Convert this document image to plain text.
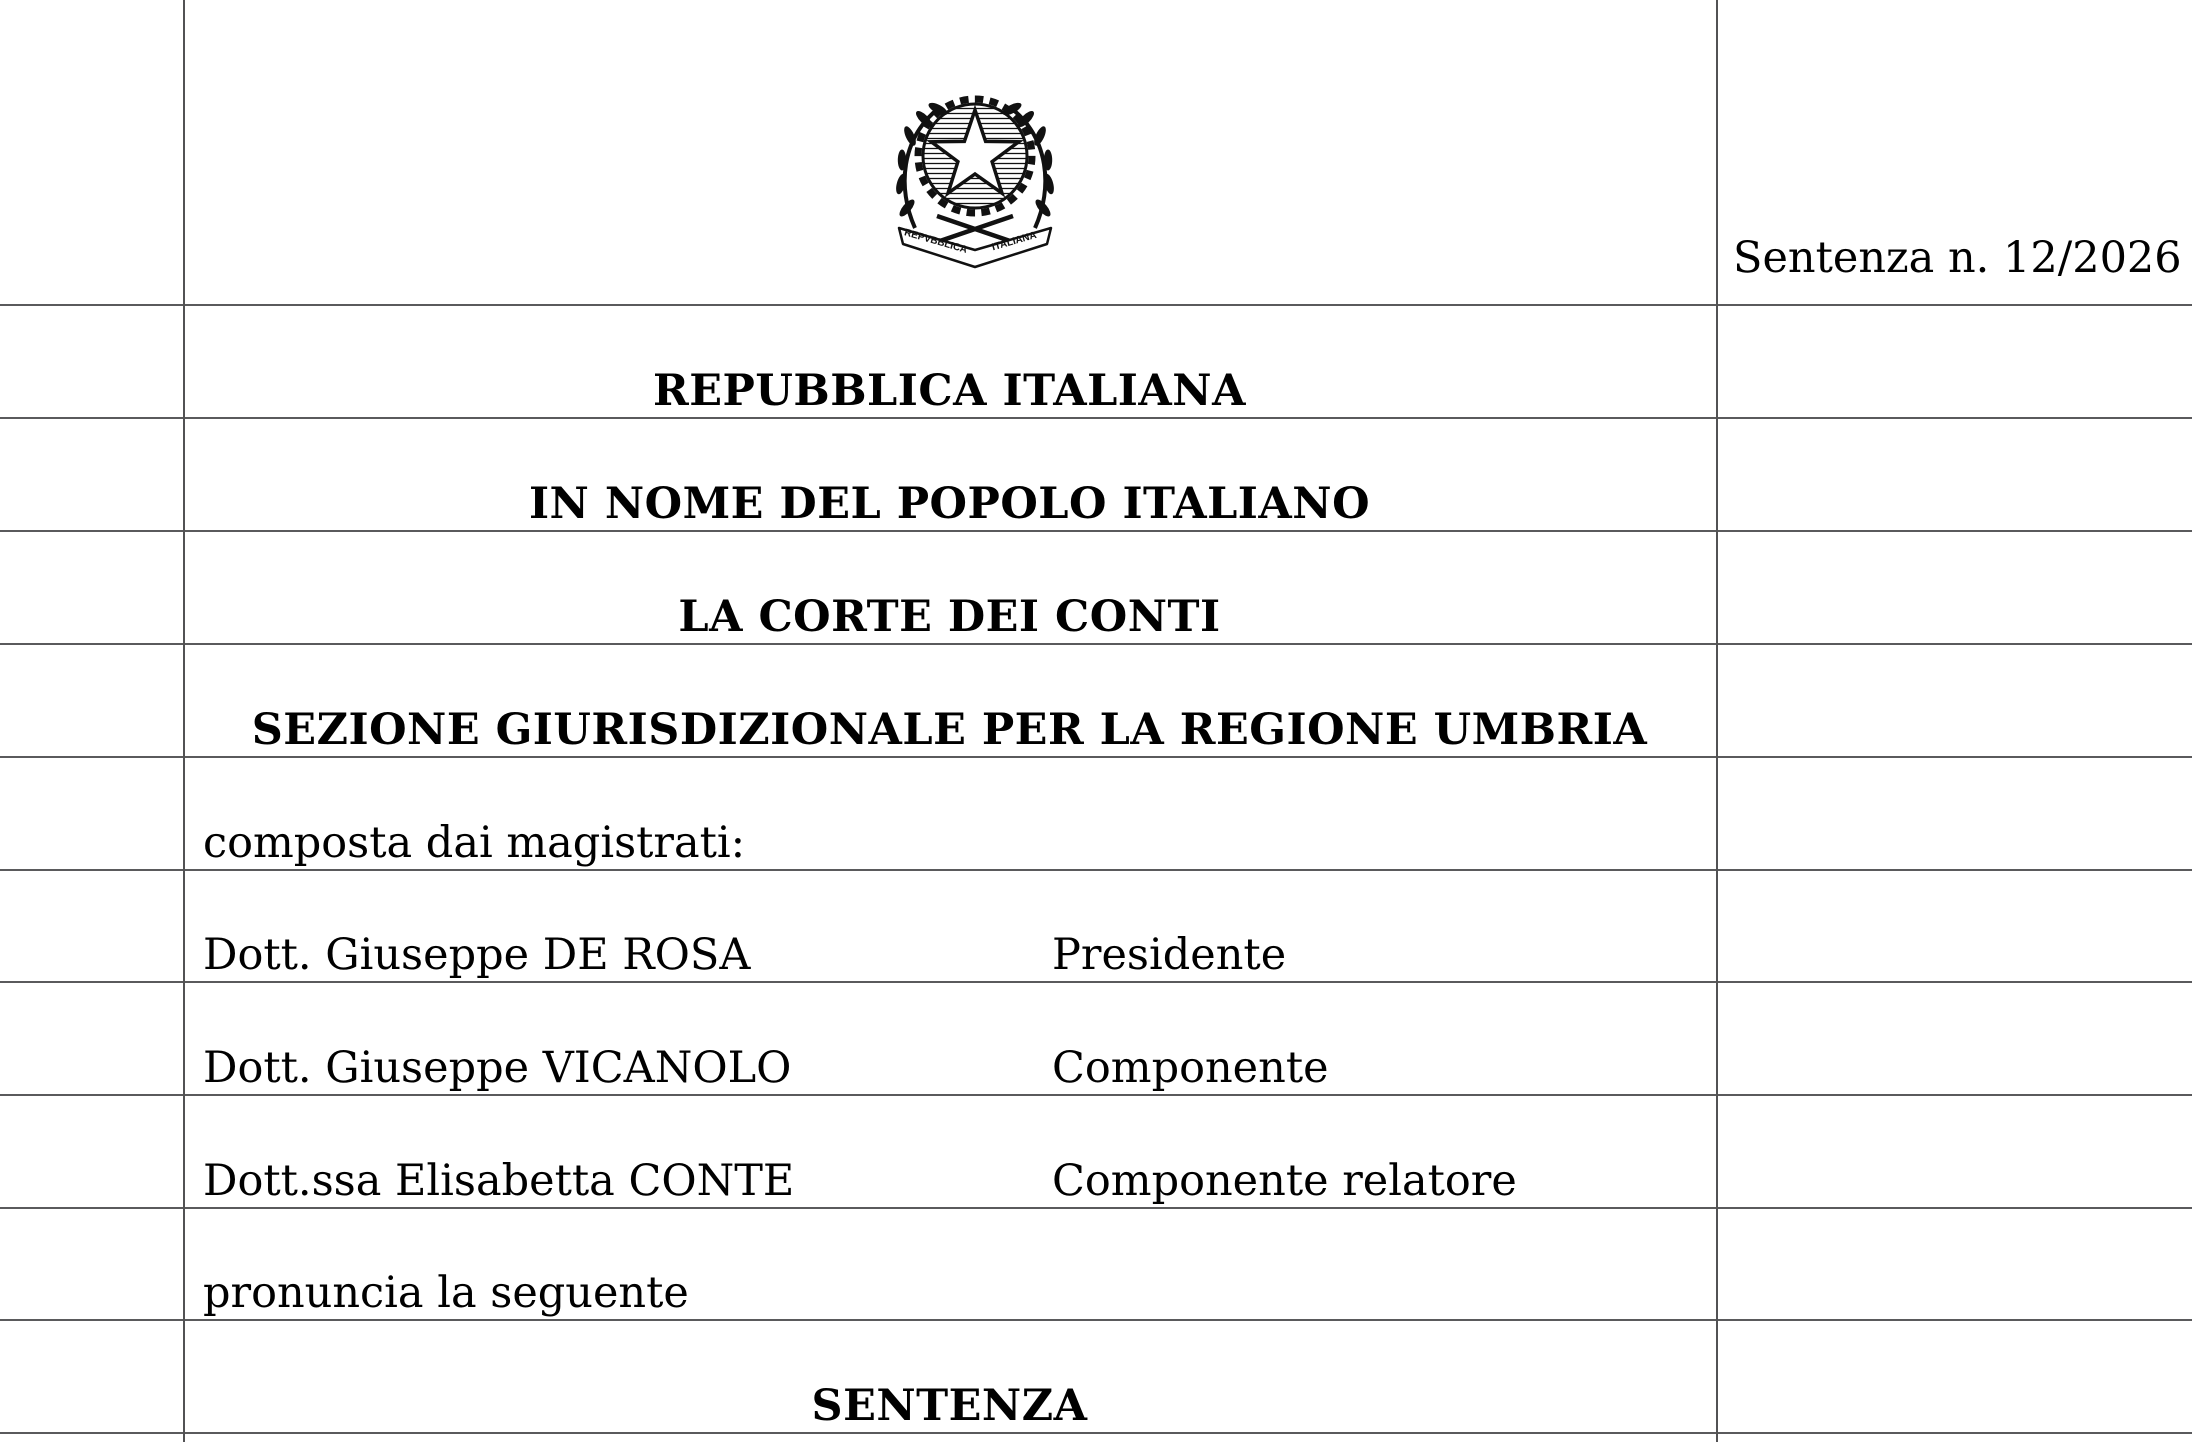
REPVBBLICA ITALIANA	Sentenza n. 12/2026
REPUBBLICA ITALIANA
IN NOME DEL POPOLO ITALIANO
LA CORTE DEI CONTI
SEZIONE GIURISDIZIONALE PER LA REGIONE UMBRIA
composta dai magistrati:
Dott. Giuseppe DE ROSA	Presidente
Dott. Giuseppe VICANOLO	Componente
Dott.ssa Elisabetta CONTE	Componente relatore
pronuncia la seguente
SENTENZA
